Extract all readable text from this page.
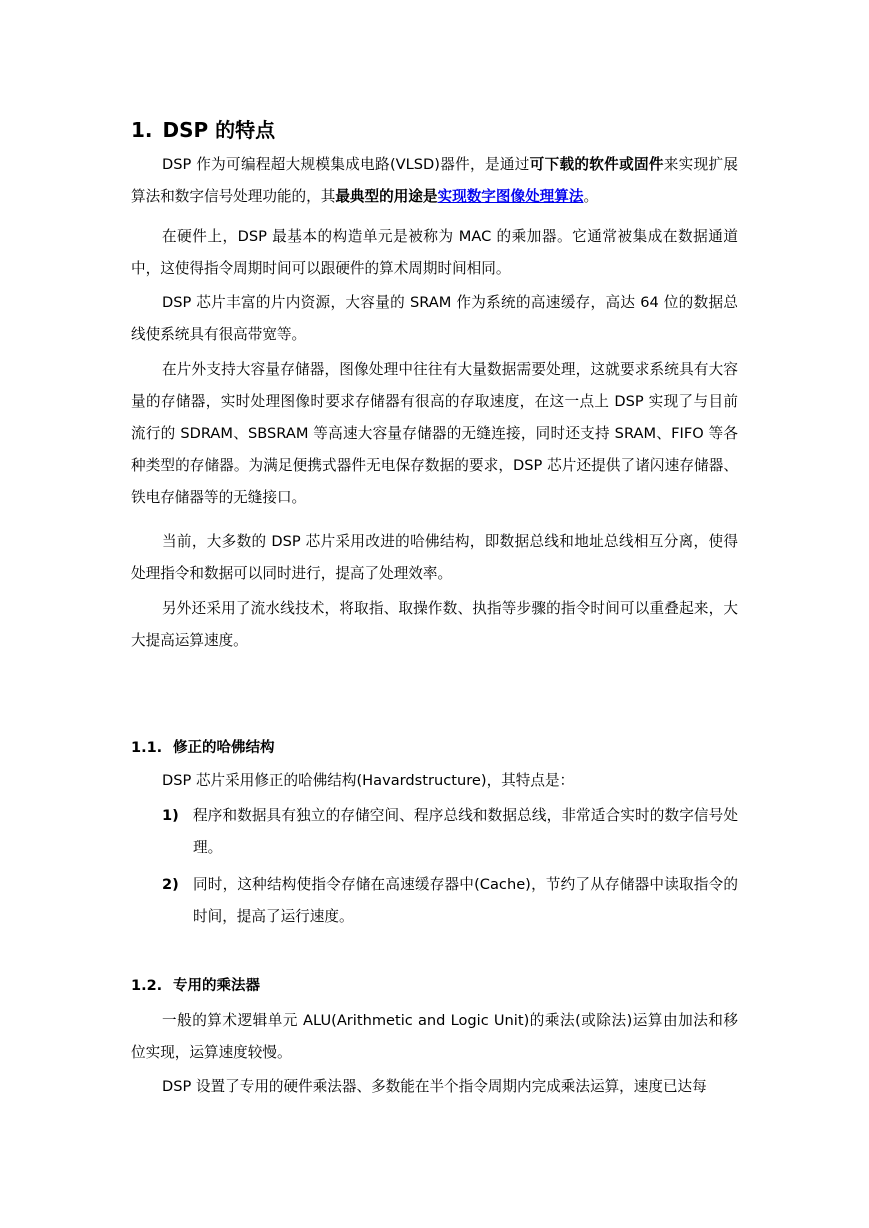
1. DSP 的特点

DSP 作为可编程超大规模集成电路(VLSD)器件，是通过可下载的软件或固件来实现扩展算法和数字信号处理功能的，其最典型的用途是实现数字图像处理算法。

在硬件上，DSP 最基本的构造单元是被称为 MAC 的乘加器。它通常被集成在数据通道中，这使得指令周期时间可以跟硬件的算术周期时间相同。

DSP 芯片丰富的片内资源，大容量的 SRAM 作为系统的高速缓存，高达 64 位的数据总线使系统具有很高带宽等。

在片外支持大容量存储器，图像处理中往往有大量数据需要处理，这就要求系统具有大容量的存储器，实时处理图像时要求存储器有很高的存取速度，在这一点上 DSP 实现了与目前流行的 SDRAM、SBSRAM 等高速大容量存储器的无缝连接，同时还支持 SRAM、FIFO 等各种类型的存储器。为满足便携式器件无电保存数据的要求，DSP 芯片还提供了诸闪速存储器、铁电存储器等的无缝接口。

当前，大多数的 DSP 芯片采用改进的哈佛结构，即数据总线和地址总线相互分离，使得处理指令和数据可以同时进行，提高了处理效率。

另外还采用了流水线技术，将取指、取操作数、执指等步骤的指令时间可以重叠起来，大大提高运算速度。

1.1. 修正的哈佛结构

DSP 芯片采用修正的哈佛结构(Havardstructure)，其特点是：

1) 程序和数据具有独立的存储空间、程序总线和数据总线，非常适合实时的数字信号处理。
2) 同时，这种结构使指令存储在高速缓存器中(Cache)，节约了从存储器中读取指令的时间，提高了运行速度。
1.2. 专用的乘法器

一般的算术逻辑单元 ALU(Arithmetic and Logic Unit)的乘法(或除法)运算由加法和移位实现，运算速度较慢。

DSP 设置了专用的硬件乘法器、多数能在半个指令周期内完成乘法运算，速度已达每
